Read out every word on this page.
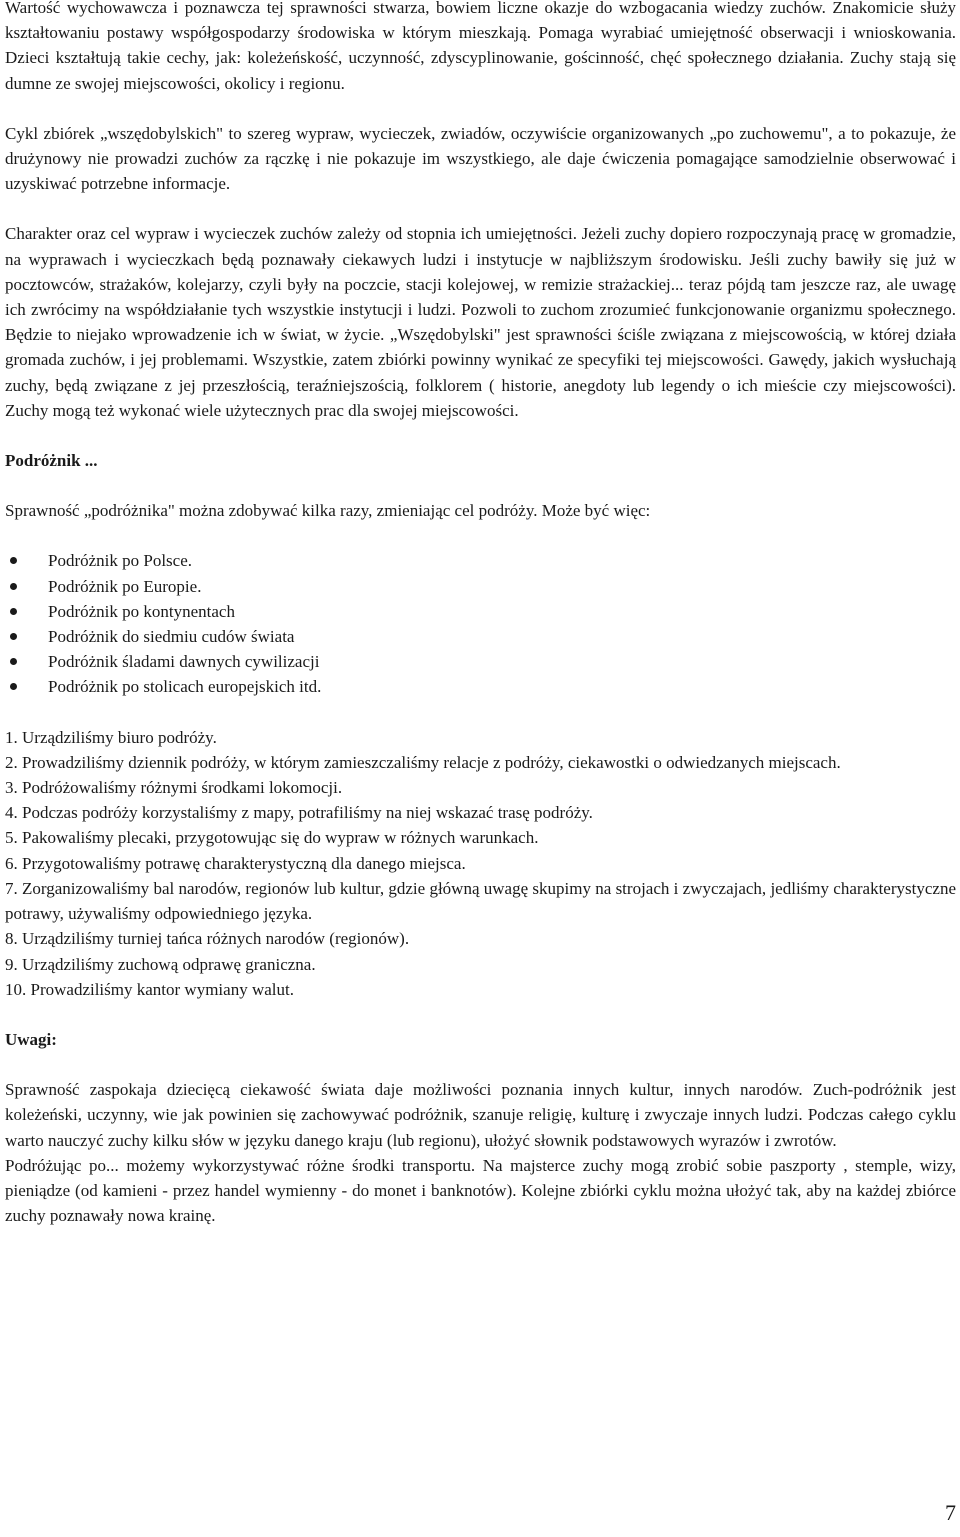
Wartość wychowawcza i poznawcza tej sprawności stwarza, bowiem liczne okazje do wzbogacania wiedzy zuchów. Znakomicie służy kształtowaniu postawy współgospodarzy środowiska w którym mieszkają. Pomaga wyrabiać umiejętność obserwacji i wnioskowania. Dzieci kształtują takie cechy, jak: koleżeńskość, uczynność, zdyscyplinowanie, gościnność, chęć społecznego działania. Zuchy stają się dumne ze swojej miejscowości, okolicy i regionu.

Cykl zbiórek „wszędobylskich" to szereg wypraw, wycieczek, zwiadów, oczywiście organizowanych „po zuchowemu", a to pokazuje, że drużynowy nie prowadzi zuchów za rączkę i nie pokazuje im wszystkiego, ale daje ćwiczenia pomagające samodzielnie obserwować i uzyskiwać potrzebne informacje.

Charakter oraz cel wypraw i wycieczek zuchów zależy od stopnia ich umiejętności. Jeżeli zuchy dopiero rozpoczynają pracę w gromadzie, na wyprawach i wycieczkach będą poznawały ciekawych ludzi i instytucje w najbliższym środowisku. Jeśli zuchy bawiły się już w pocztowców, strażaków, kolejarzy, czyli były na poczcie, stacji kolejowej, w remizie strażackiej... teraz pójdą tam jeszcze raz, ale uwagę ich zwrócimy na współdziałanie tych wszystkie instytucji i ludzi. Pozwoli to zuchom zrozumieć funkcjonowanie organizmu społecznego. Będzie to niejako wprowadzenie ich w świat, w życie. „Wszędobylski" jest sprawności ściśle związana z miejscowością, w której działa gromada zuchów, i jej problemami. Wszystkie, zatem zbiórki powinny wynikać ze specyfiki tej miejscowości. Gawędy, jakich wysłuchają zuchy, będą związane z jej przeszłością, teraźniejszością, folklorem ( historie, anegdoty lub legendy o ich mieście czy miejscowości). Zuchy mogą też wykonać wiele użytecznych prac dla swojej miejscowości.

Podróżnik ...

Sprawność „podróżnika" można zdobywać kilka razy, zmieniając cel podróży. Może być więc:

Podróżnik po Polsce.
Podróżnik po Europie.
Podróżnik po kontynentach
Podróżnik do siedmiu cudów świata
Podróżnik śladami dawnych cywilizacji
Podróżnik po stolicach europejskich itd.
1. Urządziliśmy biuro podróży.
2. Prowadziliśmy dziennik podróży, w którym zamieszczaliśmy relacje z podróży, ciekawostki o odwiedzanych miejscach.
3. Podróżowaliśmy różnymi środkami lokomocji.
4. Podczas podróży korzystaliśmy z mapy, potrafiliśmy na niej wskazać trasę podróży.
5. Pakowaliśmy plecaki, przygotowując się do wypraw w różnych warunkach.
6. Przygotowaliśmy potrawę charakterystyczną dla danego miejsca.
7. Zorganizowaliśmy bal narodów, regionów lub kultur, gdzie główną uwagę skupimy na strojach i zwyczajach, jedliśmy charakterystyczne potrawy, używaliśmy odpowiedniego języka.
8. Urządziliśmy turniej tańca różnych narodów (regionów).
9. Urządziliśmy zuchową odprawę graniczna.
10. Prowadziliśmy kantor wymiany walut.

Uwagi:

Sprawność zaspokaja dziecięcą ciekawość świata daje możliwości poznania innych kultur, innych narodów. Zuch-podróżnik jest koleżeński, uczynny, wie jak powinien się zachowywać podróżnik, szanuje religię, kulturę i zwyczaje innych ludzi. Podczas całego cyklu warto nauczyć zuchy kilku słów w języku danego kraju (lub regionu), ułożyć słownik podstawowych wyrazów i zwrotów.

Podróżując po... możemy wykorzystywać różne środki transportu. Na majsterce zuchy mogą zrobić sobie paszporty , stemple, wizy, pieniądze (od kamieni - przez handel wymienny - do monet i banknotów). Kolejne zbiórki cyklu można ułożyć tak, aby na każdej zbiórce zuchy poznawały nowa krainę.

7
